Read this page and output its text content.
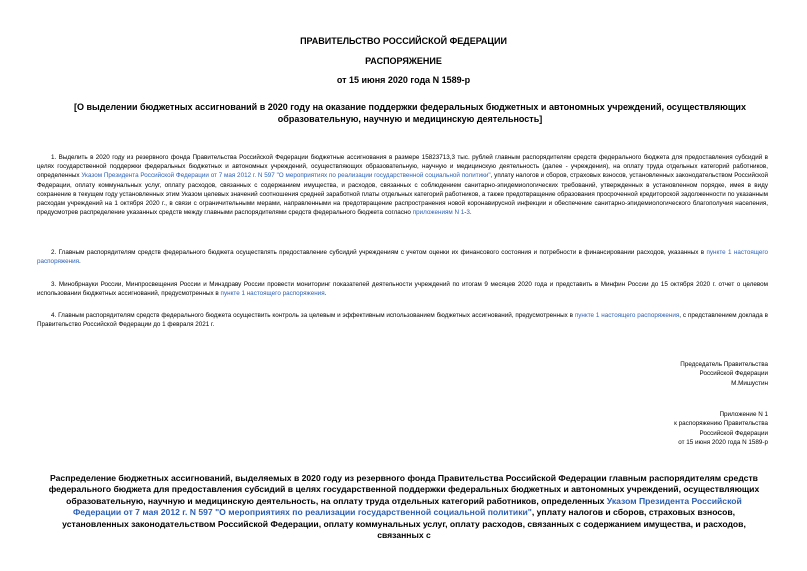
ПРАВИТЕЛЬСТВО РОССИЙСКОЙ ФЕДЕРАЦИИ
РАСПОРЯЖЕНИЕ
от 15 июня 2020 года N 1589-р
[О выделении бюджетных ассигнований в 2020 году на оказание поддержки федеральных бюджетных и автономных учреждений, осуществляющих образовательную, научную и медицинскую деятельность]
1. Выделить в 2020 году из резервного фонда Правительства Российской Федерации бюджетные ассигнования в размере 15823713,3 тыс. рублей главным распорядителям средств федерального бюджета для предоставления субсидий в целях государственной поддержки федеральных бюджетных и автономных учреждений, осуществляющих образовательную, научную и медицинскую деятельность (далее - учреждения), на оплату труда отдельных категорий работников, определенных Указом Президента Российской Федерации от 7 мая 2012 г. N 597 "О мероприятиях по реализации государственной социальной политики", уплату налогов и сборов, страховых взносов, установленных законодательством Российской Федерации, оплату коммунальных услуг, оплату расходов, связанных с содержанием имущества, и расходов, связанных с соблюдением санитарно-эпидемиологических требований, утвержденных в установленном порядке, имея в виду сохранение в текущем году установленных этим Указом целевых значений соотношения средней заработной платы отдельных категорий работников, а также предотвращение образования просроченной кредиторской задолженности по указанным расходам учреждений на 1 октября 2020 г., в связи с ограничительными мерами, направленными на предотвращение распространения новой коронавирусной инфекции и обеспечение санитарно-эпидемиологического благополучия населения, предусмотрев распределение указанных средств между главными распорядителями средств федерального бюджета согласно приложениям N 1-3.
2. Главным распорядителям средств федерального бюджета осуществлять предоставление субсидий учреждениям с учетом оценки их финансового состояния и потребности в финансировании расходов, указанных в пункте 1 настоящего распоряжения.
3. Минобрнауки России, Минпросвещения России и Минздраву России провести мониторинг показателей деятельности учреждений по итогам 9 месяцев 2020 года и представить в Минфин России до 15 октября 2020 г. отчет о целевом использовании бюджетных ассигнований, предусмотренных в пункте 1 настоящего распоряжения.
4. Главным распорядителям средств федерального бюджета осуществить контроль за целевым и эффективным использованием бюджетных ассигнований, предусмотренных в пункте 1 настоящего распоряжения, с представлением доклада в Правительство Российской Федерации до 1 февраля 2021 г.
Председатель Правительства
Российской Федерации
М.Мишустин
Приложение N 1
к распоряжению Правительства
Российской Федерации
от 15 июня 2020 года N 1589-р
Распределение бюджетных ассигнований, выделяемых в 2020 году из резервного фонда Правительства Российской Федерации главным распорядителям средств федерального бюджета для предоставления субсидий в целях государственной поддержки федеральных бюджетных и автономных учреждений, осуществляющих образовательную, научную и медицинскую деятельность, на оплату труда отдельных категорий работников, определенных Указом Президента Российской Федерации от 7 мая 2012 г. N 597 "О мероприятиях по реализации государственной социальной политики", уплату налогов и сборов, страховых взносов, установленных законодательством Российской Федерации, оплату коммунальных услуг, оплату расходов, связанных с содержанием имущества, и расходов, связанных с
